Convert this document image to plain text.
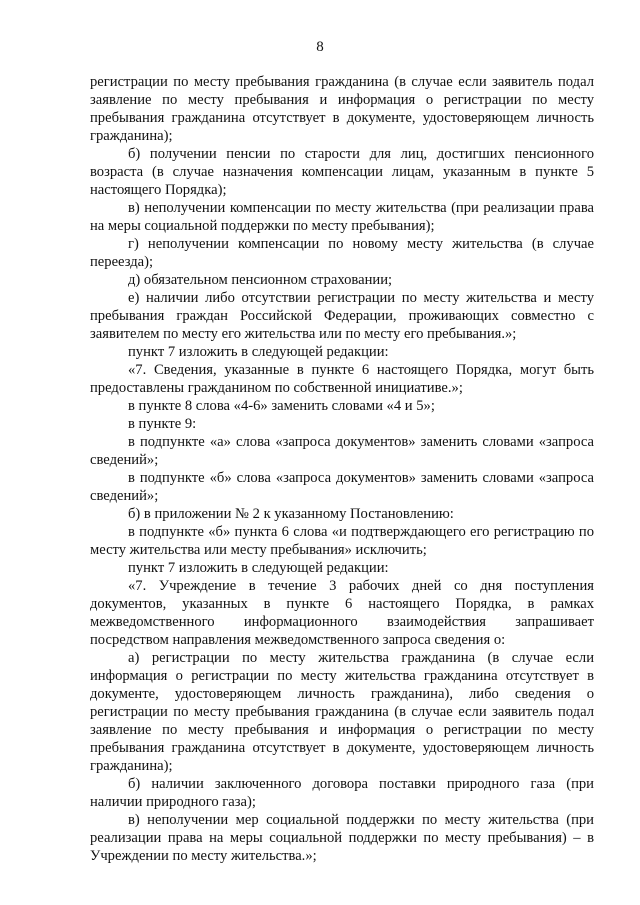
8

регистрации по месту пребывания гражданина (в случае если заявитель подал заявление по месту пребывания и информация о регистрации по месту пребывания гражданина отсутствует в документе, удостоверяющем личность гражданина);

б) получении пенсии по старости для лиц, достигших пенсионного возраста (в случае назначения компенсации лицам, указанным в пункте 5 настоящего Порядка);

в) неполучении компенсации по месту жительства (при реализации права на меры социальной поддержки по месту пребывания);

г) неполучении компенсации по новому месту жительства (в случае переезда);

д) обязательном пенсионном страховании;

е) наличии либо отсутствии регистрации по месту жительства и месту пребывания граждан Российской Федерации, проживающих совместно с заявителем по месту его жительства или по месту его пребывания.»;

пункт 7 изложить в следующей редакции:

«7. Сведения, указанные в пункте 6 настоящего Порядка, могут быть предоставлены гражданином по собственной инициативе.»;

в пункте 8 слова «4-6» заменить словами «4 и 5»;

в пункте 9:

в подпункте «а» слова «запроса документов» заменить словами «запроса сведений»;

в подпункте «б» слова «запроса документов» заменить словами «запроса сведений»;

б) в приложении № 2 к указанному Постановлению:

в подпункте «б» пункта 6 слова «и подтверждающего его регистрацию по месту жительства или месту пребывания» исключить;

пункт 7 изложить в следующей редакции:

«7. Учреждение в течение 3 рабочих дней со дня поступления документов, указанных в пункте 6 настоящего Порядка, в рамках межведомственного информационного взаимодействия запрашивает посредством направления межведомственного запроса сведения о:

а) регистрации по месту жительства гражданина (в случае если информация о регистрации по месту жительства гражданина отсутствует в документе, удостоверяющем личность гражданина), либо сведения о регистрации по месту пребывания гражданина (в случае если заявитель подал заявление по месту пребывания и информация о регистрации по месту пребывания гражданина отсутствует в документе, удостоверяющем личность гражданина);

б) наличии заключенного договора поставки природного газа (при наличии природного газа);

в) неполучении мер социальной поддержки по месту жительства (при реализации права на меры социальной поддержки по месту пребывания) – в Учреждении по месту жительства.»;
